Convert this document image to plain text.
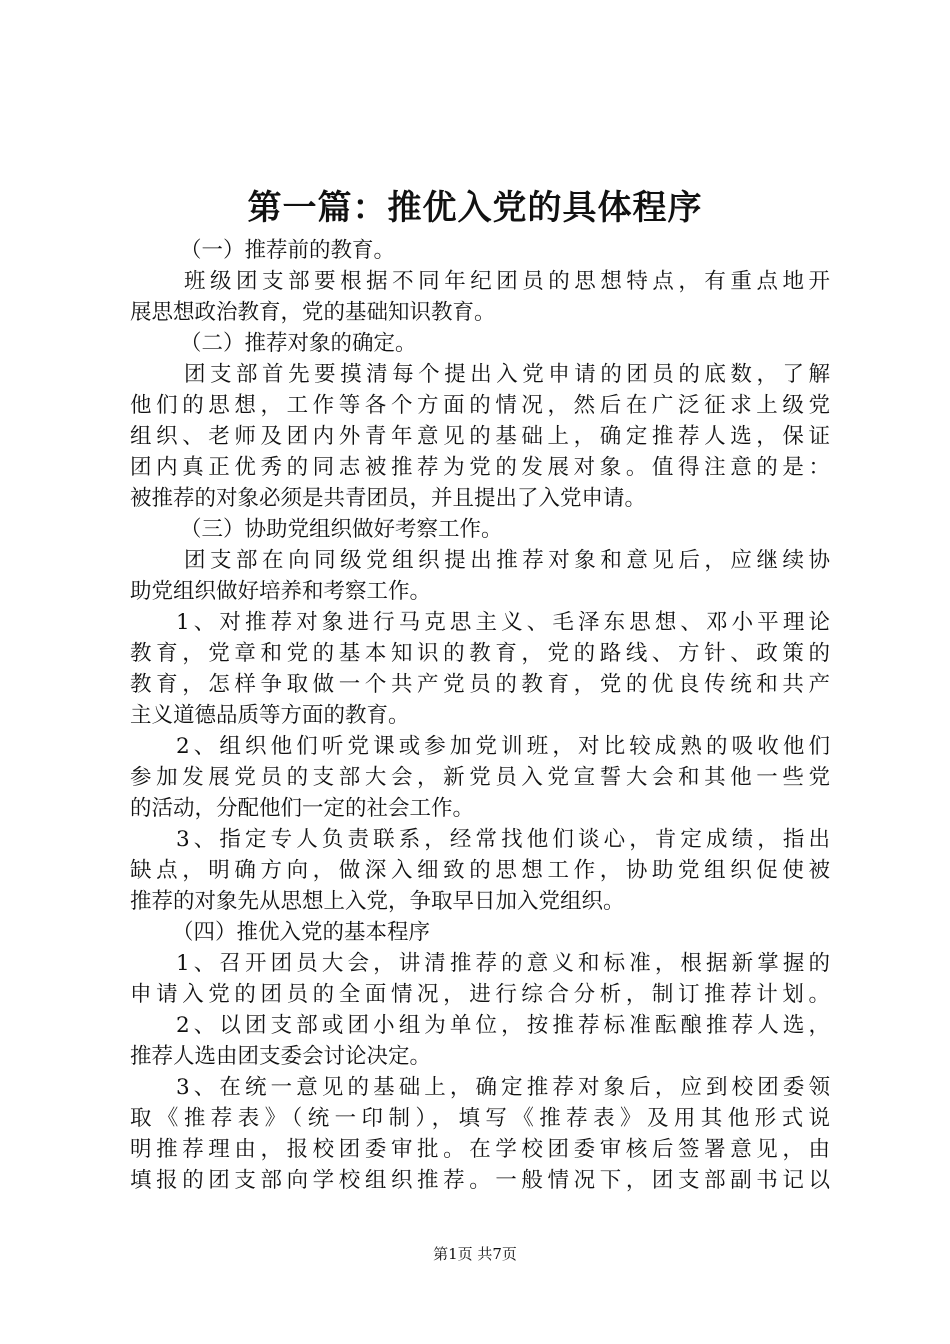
第一篇：推优入党的具体程序
（一）推荐前的教育。
班级团支部要根据不同年纪团员的思想特点，有重点地开
展思想政治教育，党的基础知识教育。
（二）推荐对象的确定。
团支部首先要摸清每个提出入党申请的团员的底数，了解
他们的思想，工作等各个方面的情况，然后在广泛征求上级党
组织、老师及团内外青年意见的基础上，确定推荐人选，保证
团内真正优秀的同志被推荐为党的发展对象。值得注意的是：
被推荐的对象必须是共青团员，并且提出了入党申请。
（三）协助党组织做好考察工作。
团支部在向同级党组织提出推荐对象和意见后，应继续协
助党组织做好培养和考察工作。
1、对推荐对象进行马克思主义、毛泽东思想、邓小平理论
教育，党章和党的基本知识的教育，党的路线、方针、政策的
教育，怎样争取做一个共产党员的教育，党的优良传统和共产
主义道德品质等方面的教育。
2、组织他们听党课或参加党训班，对比较成熟的吸收他们
参加发展党员的支部大会，新党员入党宣誓大会和其他一些党
的活动，分配他们一定的社会工作。
3、指定专人负责联系，经常找他们谈心，肯定成绩，指出
缺点，明确方向，做深入细致的思想工作，协助党组织促使被
推荐的对象先从思想上入党，争取早日加入党组织。
（四）推优入党的基本程序
1、召开团员大会，讲清推荐的意义和标准，根据新掌握的
申请入党的团员的全面情况，进行综合分析，制订推荐计划。
2、以团支部或团小组为单位，按推荐标准酝酿推荐人选，
推荐人选由团支委会讨论决定。
3、在统一意见的基础上，确定推荐对象后，应到校团委领
取《推荐表》（统一印制），填写《推荐表》及用其他形式说
明推荐理由，报校团委审批。在学校团委审核后签署意见，由
填报的团支部向学校组织推荐。一般情况下，团支部副书记以
第1页 共7页
